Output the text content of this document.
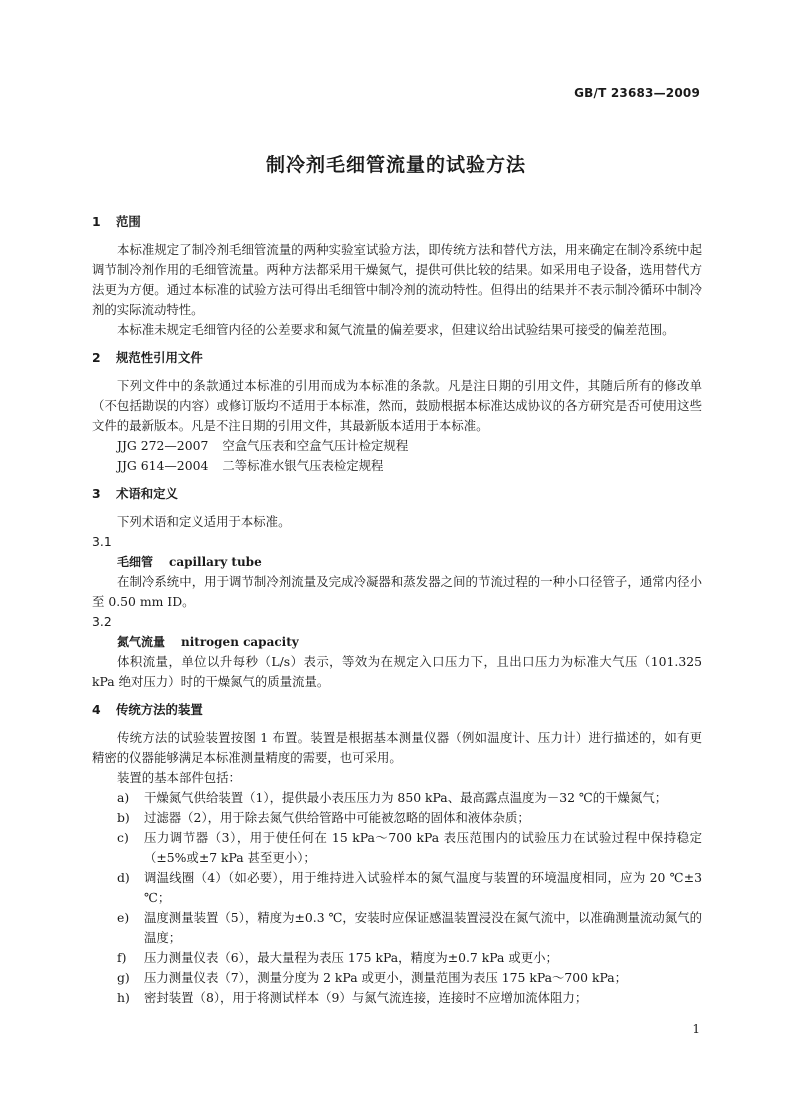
GB/T 23683—2009
制冷剂毛细管流量的试验方法
1 范围

本标准规定了制冷剂毛细管流量的两种实验室试验方法，即传统方法和替代方法，用来确定在制冷系统中起调节制冷剂作用的毛细管流量。两种方法都采用干燥氮气，提供可供比较的结果。如采用电子设备，选用替代方法更为方便。通过本标准的试验方法可得出毛细管中制冷剂的流动特性。但得出的结果并不表示制冷循环中制冷剂的实际流动特性。

本标准未规定毛细管内径的公差要求和氮气流量的偏差要求，但建议给出试验结果可接受的偏差范围。

2 规范性引用文件

下列文件中的条款通过本标准的引用而成为本标准的条款。凡是注日期的引用文件，其随后所有的修改单（不包括勘误的内容）或修订版均不适用于本标准，然而，鼓励根据本标准达成协议的各方研究是否可使用这些文件的最新版本。凡是不注日期的引用文件，其最新版本适用于本标准。

JJG 272—2007 空盒气压表和空盒气压计检定规程

JJG 614—2004 二等标准水银气压表检定规程

3 术语和定义

下列术语和定义适用于本标准。

3.1

毛细管 capillary tube

在制冷系统中，用于调节制冷剂流量及完成冷凝器和蒸发器之间的节流过程的一种小口径管子，通常内径小至 0.50 mm ID。

3.2

氮气流量 nitrogen capacity

体积流量，单位以升每秒（L/s）表示，等效为在规定入口压力下，且出口压力为标准大气压（101.325 kPa 绝对压力）时的干燥氮气的质量流量。

4 传统方法的装置

传统方法的试验装置按图 1 布置。装置是根据基本测量仪器（例如温度计、压力计）进行描述的，如有更精密的仪器能够满足本标准测量精度的需要，也可采用。

装置的基本部件包括：

a) 干燥氮气供给装置（1），提供最小表压压力为 850 kPa、最高露点温度为－32 ℃的干燥氮气；

b) 过滤器（2），用于除去氮气供给管路中可能被忽略的固体和液体杂质；

c) 压力调节器（3），用于使任何在 15 kPa～700 kPa 表压范围内的试验压力在试验过程中保持稳定（±5%或±7 kPa 甚至更小）；

d) 调温线圈（4）（如必要），用于维持进入试验样本的氮气温度与装置的环境温度相同，应为 20 ℃±3 ℃；

e) 温度测量装置（5），精度为±0.3 ℃，安装时应保证感温装置浸没在氮气流中，以准确测量流动氮气的温度；

f) 压力测量仪表（6），最大量程为表压 175 kPa，精度为±0.7 kPa 或更小；

g) 压力测量仪表（7），测量分度为 2 kPa 或更小，测量范围为表压 175 kPa～700 kPa；

h) 密封装置（8），用于将测试样本（9）与氮气流连接，连接时不应增加流体阻力；

1
